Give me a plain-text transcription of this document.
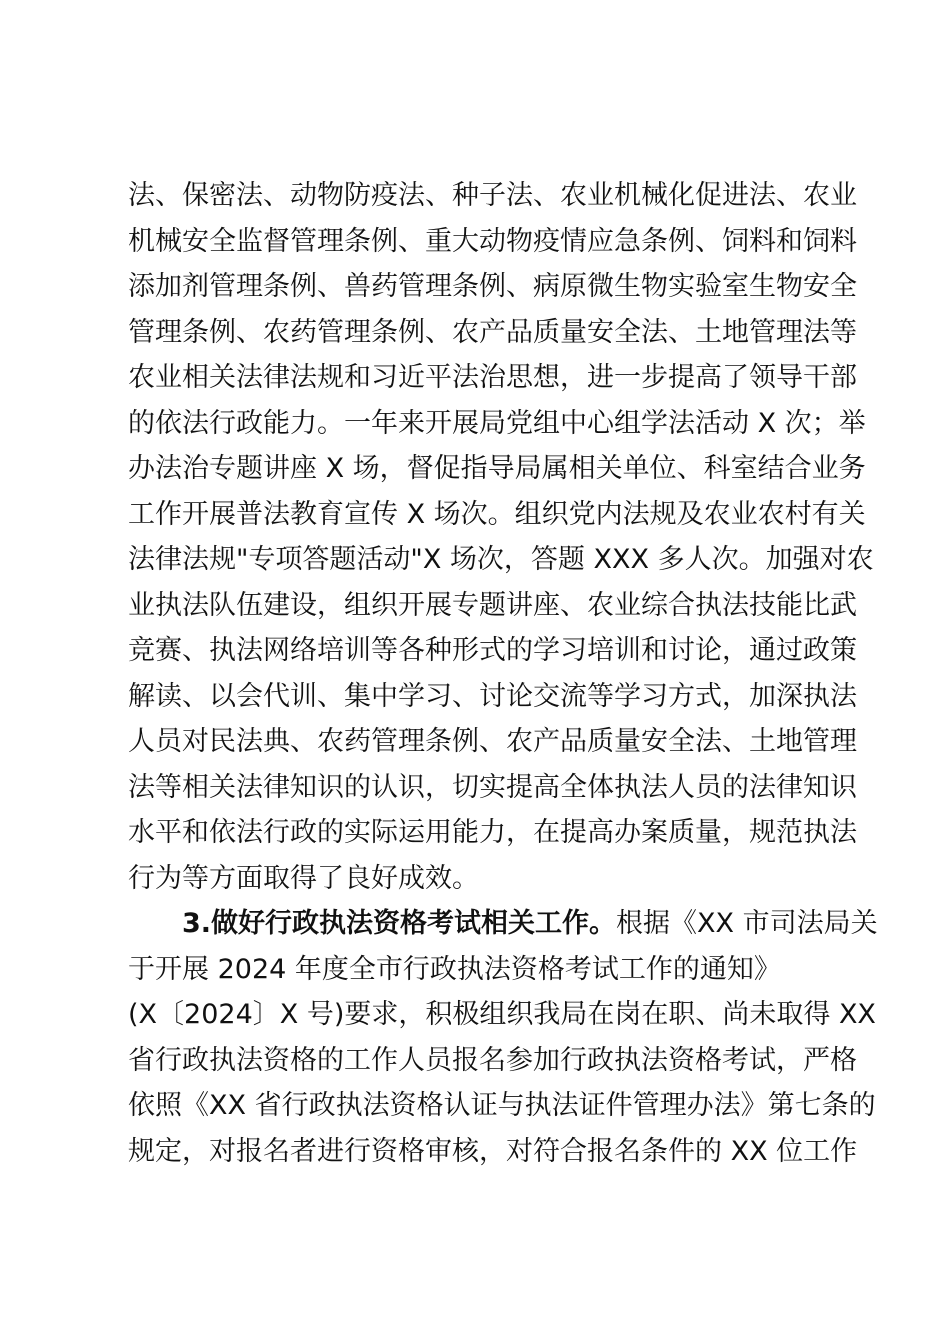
法、保密法、动物防疫法、种子法、农业机械化促进法、农业
机械安全监督管理条例、重大动物疫情应急条例、饲料和饲料
添加剂管理条例、兽药管理条例、病原微生物实验室生物安全
管理条例、农药管理条例、农产品质量安全法、土地管理法等
农业相关法律法规和习近平法治思想，进一步提高了领导干部
的依法行政能力。一年来开展局党组中心组学法活动 X 次；举
办法治专题讲座 X 场，督促指导局属相关单位、科室结合业务
工作开展普法教育宣传 X 场次。组织党内法规及农业农村有关
法律法规"专项答题活动"X 场次，答题 XXX 多人次。加强对农
业执法队伍建设，组织开展专题讲座、农业综合执法技能比武
竞赛、执法网络培训等各种形式的学习培训和讨论，通过政策
解读、以会代训、集中学习、讨论交流等学习方式，加深执法
人员对民法典、农药管理条例、农产品质量安全法、土地管理
法等相关法律知识的认识，切实提高全体执法人员的法律知识
水平和依法行政的实际运用能力，在提高办案质量，规范执法
行为等方面取得了良好成效。
3.做好行政执法资格考试相关工作。根据《XX 市司法局关
于开展 2024 年度全市行政执法资格考试工作的通知》
(X〔2024〕X 号)要求，积极组织我局在岗在职、尚未取得 XX
省行政执法资格的工作人员报名参加行政执法资格考试，严格
依照《XX 省行政执法资格认证与执法证件管理办法》第七条的
规定，对报名者进行资格审核，对符合报名条件的 XX 位工作
